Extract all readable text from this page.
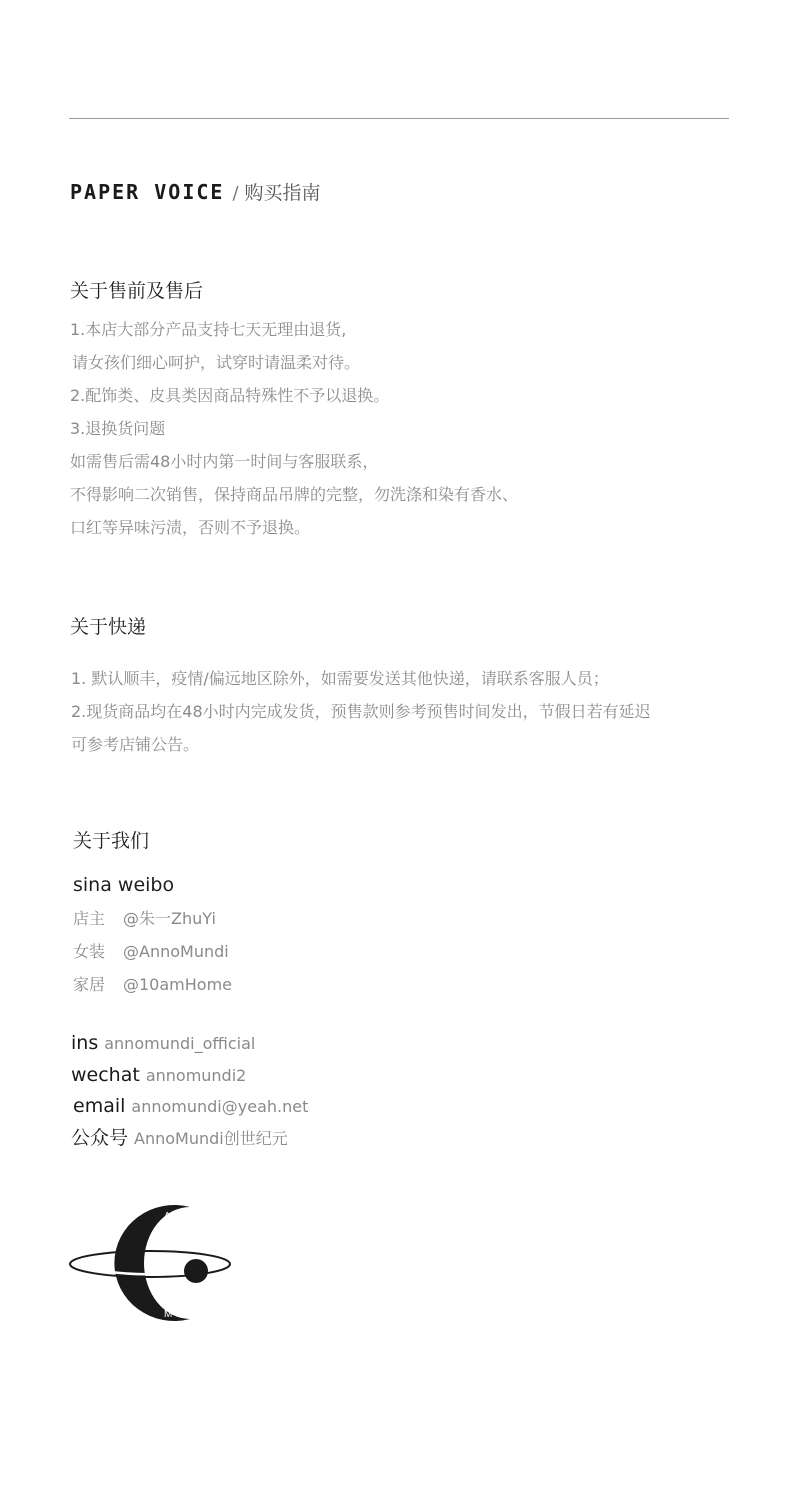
PAPER VOICE / 购买指南
关于售前及售后
1.本店大部分产品支持七天无理由退货,
请女孩们细心呵护，试穿时请温柔对待。
2.配饰类、皮具类因商品特殊性不予以退换。
3.退换货问题
如需售后需48小时内第一时间与客服联系，
不得影响二次销售，保持商品吊牌的完整，勿洗涤和染有香水、
口红等异味污渍，否则不予退换。
关于快递
1. 默认顺丰，疫情/偏远地区除外，如需要发送其他快递，请联系客服人员；
2.现货商品均在48小时内完成发货，预售款则参考预售时间发出，节假日若有延迟
可参考店铺公告。
关于我们
sina weibo
店主 @朱一ZhuYi
女装 @AnnoMundi
家居 @10amHome
ins annomundi_official
wechat annomundi2
email annomundi@yeah.net
公众号 AnnoMundi创世纪元
A
M
